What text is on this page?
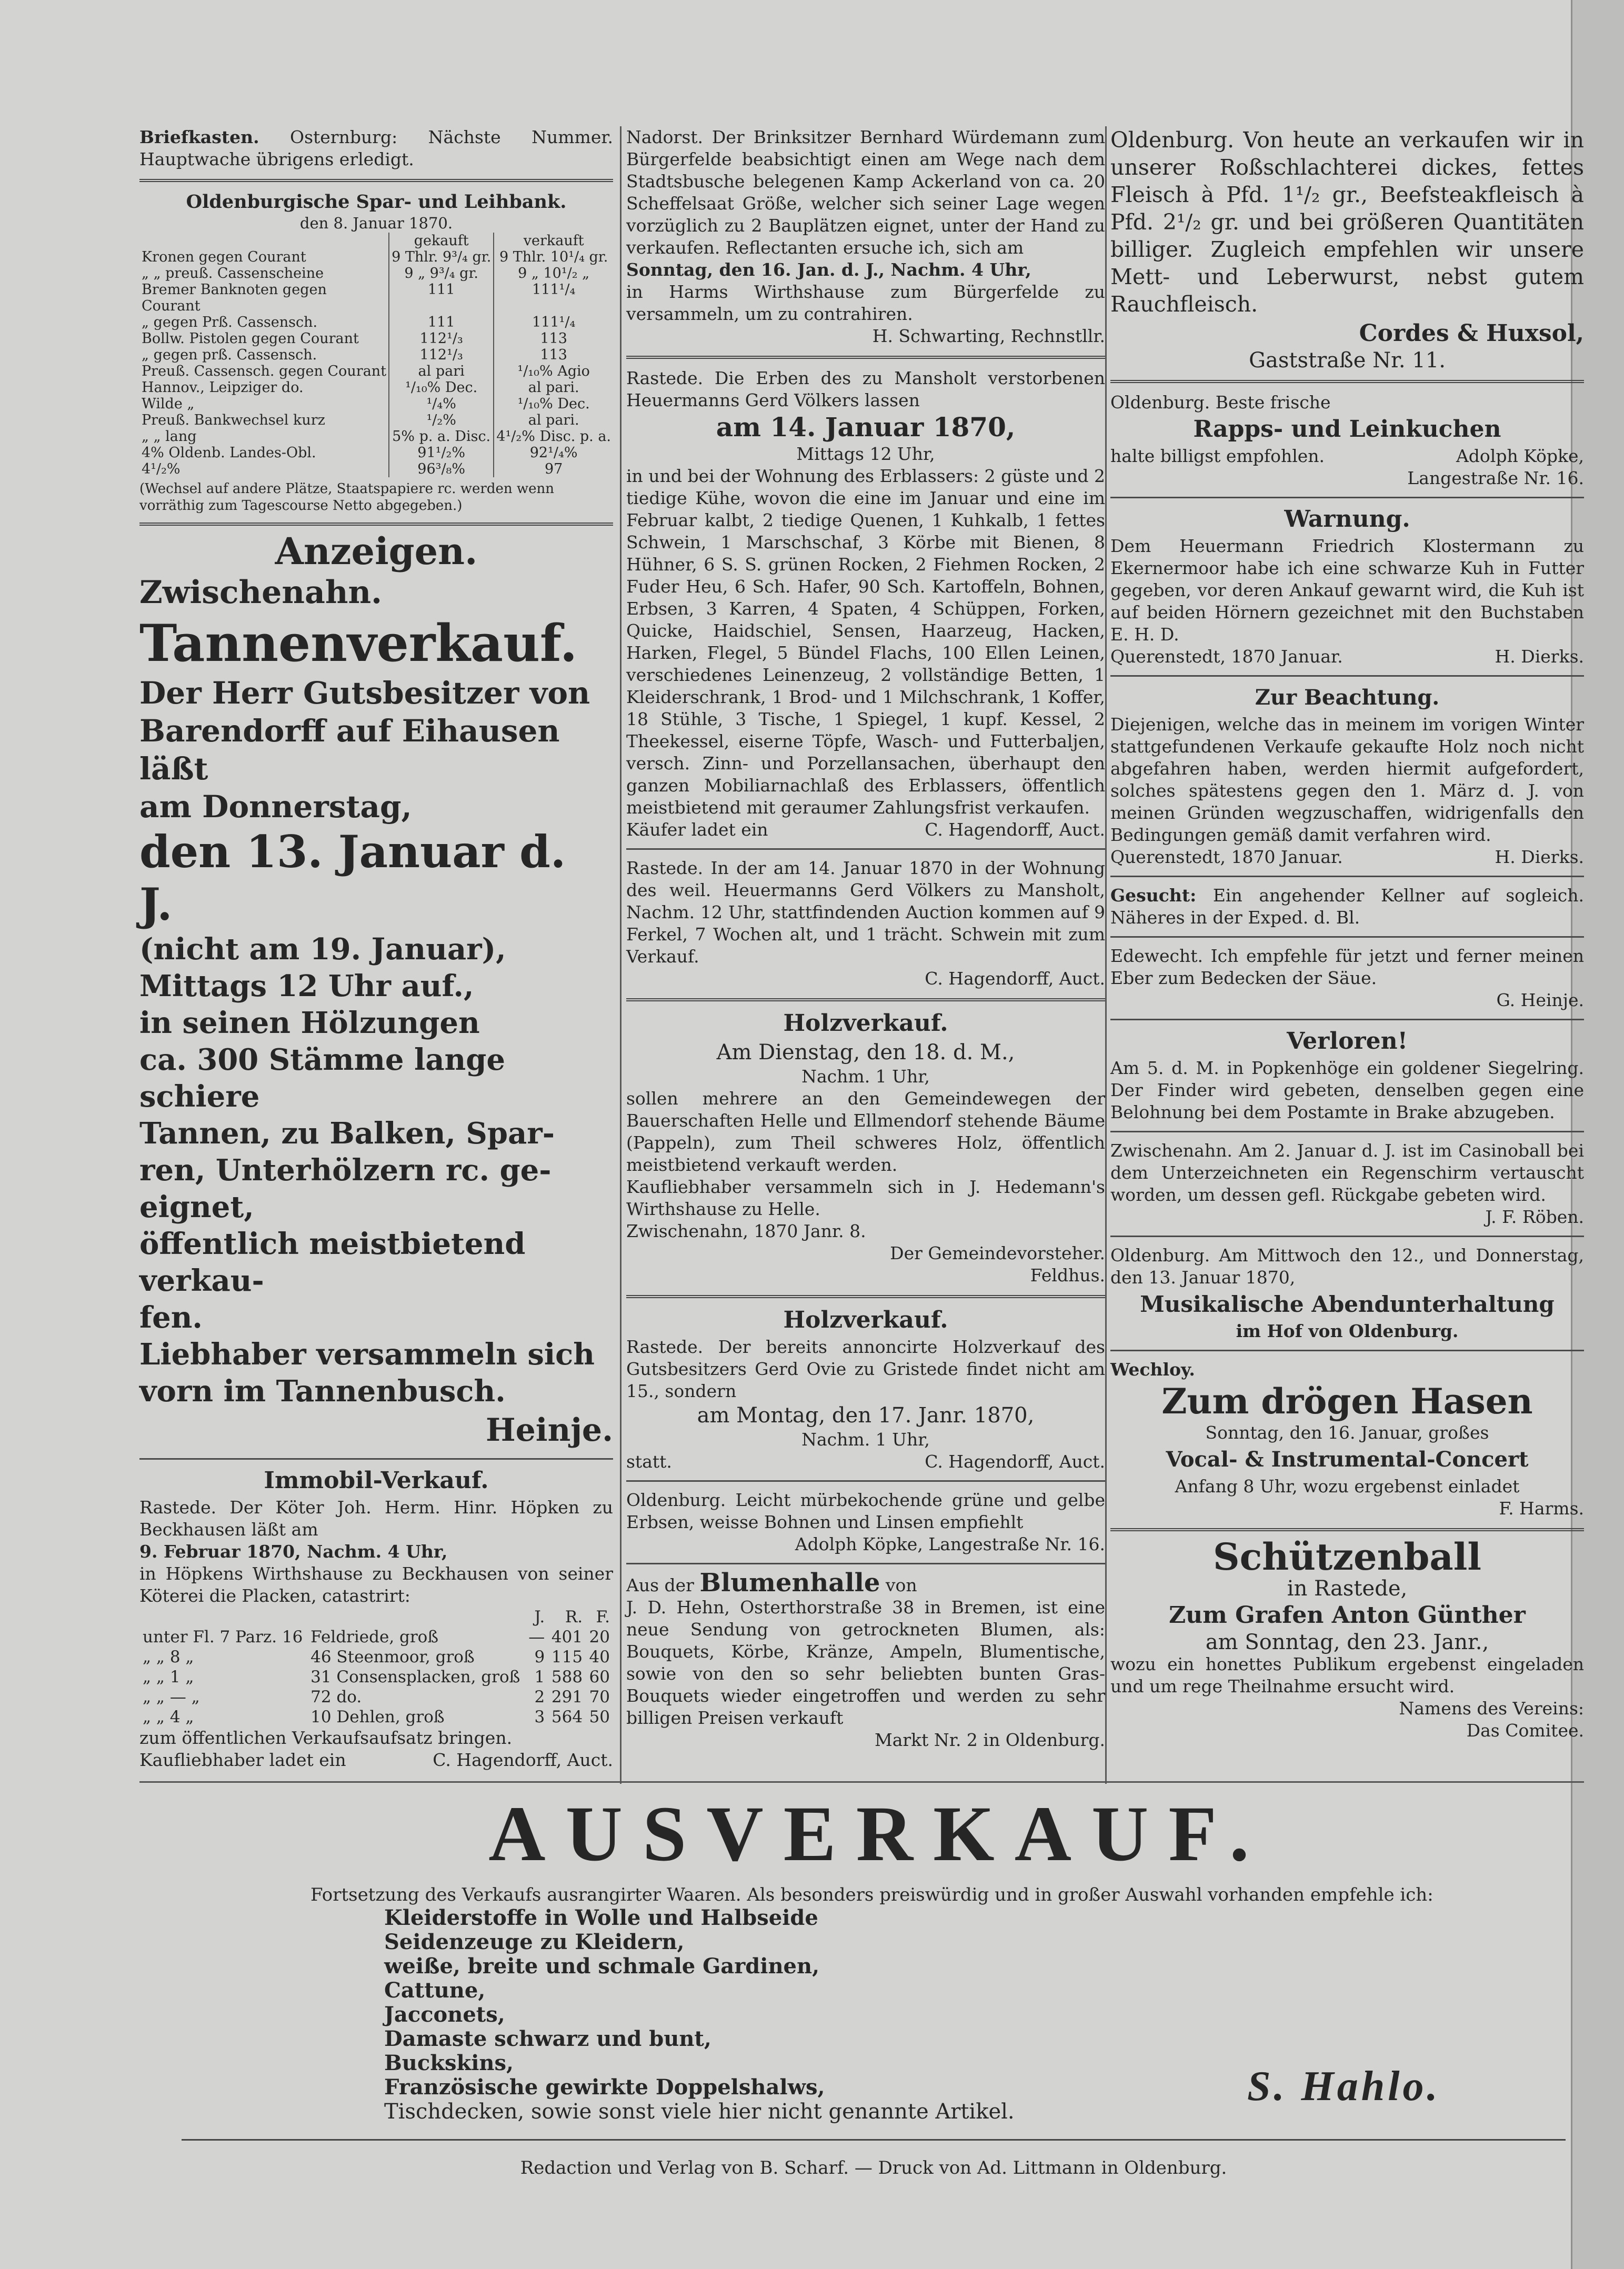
Briefkasten. Osternburg: Nächste Nummer. Hauptwache übrigens erledigt.

Oldenburgische Spar- und Leihbank.

den 8. Januar 1870.

	gekauft	verkauft
Kronen gegen Courant	9 Thlr. 9³/₄ gr.	9 Thlr. 10¹/₄ gr.
„ „ preuß. Cassenscheine	9 „ 9³/₄ gr.	9 „ 10¹/₂ „
Bremer Banknoten gegen Courant	111	111¹/₄
„ gegen Prß. Cassensch.	111	111¹/₄
Bollw. Pistolen gegen Courant	112¹/₃	113
„ gegen prß. Cassensch.	112¹/₃	113
Preuß. Cassensch. gegen Courant	al pari	¹/₁₀% Agio
Hannov., Leipziger do.	¹/₁₀% Dec.	al pari.
Wilde „	¹/₄%	¹/₁₀% Dec.
Preuß. Bankwechsel kurz	¹/₂%	al pari.
„ „ lang	5% p. a. Disc.	4¹/₂% Disc. p. a.
4% Oldenb. Landes-Obl.	91¹/₂%	92¹/₄%
4¹/₂%	96³/₈%	97

(Wechsel auf andere Plätze, Staatspapiere rc. werden wenn vorräthig zum Tagescourse Netto abgegeben.)

Anzeigen.

Zwischenahn.

Tannenverkauf.

Der Herr Gutsbesitzer von

Barendorff auf Eihausen läßt

am Donnerstag,

den 13. Januar d. J.

(nicht am 19. Januar),

Mittags 12 Uhr auf.,

in seinen Hölzungen

ca. 300 Stämme lange schiere

Tannen, zu Balken, Spar-

ren, Unterhölzern rc. ge-

eignet,

öffentlich meistbietend verkau-

fen.

Liebhaber versammeln sich

vorn im Tannenbusch.

Heinje.

Immobil-Verkauf.

Rastede. Der Köter Joh. Herm. Hinr. Höpken zu Beckhausen läßt am

9. Februar 1870, Nachm. 4 Uhr,

in Höpkens Wirthshause zu Beckhausen von seiner Köterei die Placken, catastrirt:

		J.	R.	F.
unter Fl. 7 Parz. 16	Feldriede, groß	—	401	20
„ „ 8 „	46 Steenmoor, groß	9	115	40
„ „ 1 „	31 Consensplacken, groß	1	588	60
„ „ — „	72 do.	2	291	70
„ „ 4 „	10 Dehlen, groß	3	564	50

zum öffentlichen Verkaufsaufsatz bringen.

Kaufliebhaber ladet ein	C. Hagendorff, Auct.

Nadorst. Der Brinksitzer Bernhard Würdemann zum Bürgerfelde beabsichtigt einen am Wege nach dem Stadtsbusche belegenen Kamp Ackerland von ca. 20 Scheffelsaat Größe, welcher sich seiner Lage wegen vorzüglich zu 2 Bauplätzen eignet, unter der Hand zu verkaufen. Reflectanten ersuche ich, sich am

Sonntag, den 16. Jan. d. J., Nachm. 4 Uhr,

in Harms Wirthshause zum Bürgerfelde zu versammeln, um zu contrahiren.

H. Schwarting, Rechnstllr.

Rastede. Die Erben des zu Mansholt verstorbenen Heuermanns Gerd Völkers lassen

am 14. Januar 1870,

Mittags 12 Uhr,

in und bei der Wohnung des Erblassers: 2 güste und 2 tiedige Kühe, wovon die eine im Januar und eine im Februar kalbt, 2 tiedige Quenen, 1 Kuhkalb, 1 fettes Schwein, 1 Marschschaf, 3 Körbe mit Bienen, 8 Hühner, 6 S. S. grünen Rocken, 2 Fiehmen Rocken, 2 Fuder Heu, 6 Sch. Hafer, 90 Sch. Kartoffeln, Bohnen, Erbsen, 3 Karren, 4 Spaten, 4 Schüppen, Forken, Quicke, Haidschiel, Sensen, Haarzeug, Hacken, Harken, Flegel, 5 Bündel Flachs, 100 Ellen Leinen, verschiedenes Leinenzeug, 2 vollständige Betten, 1 Kleiderschrank, 1 Brod- und 1 Milchschrank, 1 Koffer, 18 Stühle, 3 Tische, 1 Spiegel, 1 kupf. Kessel, 2 Theekessel, eiserne Töpfe, Wasch- und Futterbaljen, versch. Zinn- und Porzellansachen, überhaupt den ganzen Mobiliarnachlaß des Erblassers, öffentlich meistbietend mit geraumer Zahlungsfrist verkaufen.

Käufer ladet ein	C. Hagendorff, Auct.

Rastede. In der am 14. Januar 1870 in der Wohnung des weil. Heuermanns Gerd Völkers zu Mansholt, Nachm. 12 Uhr, stattfindenden Auction kommen auf 9 Ferkel, 7 Wochen alt, und 1 trächt. Schwein mit zum Verkauf.

C. Hagendorff, Auct.

Holzverkauf.

Am Dienstag, den 18. d. M.,

Nachm. 1 Uhr,

sollen mehrere an den Gemeindewegen der Bauerschaften Helle und Ellmendorf stehende Bäume (Pappeln), zum Theil schweres Holz, öffentlich meistbietend verkauft werden.

Kaufliebhaber versammeln sich in J. Hedemann's Wirthshause zu Helle.

Zwischenahn, 1870 Janr. 8.

Der Gemeindevorsteher.

Feldhus.

Holzverkauf.

Rastede. Der bereits annoncirte Holzverkauf des Gutsbesitzers Gerd Ovie zu Gristede findet nicht am 15., sondern

am Montag, den 17. Janr. 1870,

Nachm. 1 Uhr,

statt.	C. Hagendorff, Auct.

Oldenburg. Leicht mürbekochende grüne und gelbe Erbsen, weisse Bohnen und Linsen empfiehlt

Adolph Köpke, Langestraße Nr. 16.

Aus der Blumenhalle von

J. D. Hehn, Osterthorstraße 38 in Bremen, ist eine neue Sendung von getrockneten Blumen, als: Bouquets, Körbe, Kränze, Ampeln, Blumentische, sowie von den so sehr beliebten bunten Gras-Bouquets wieder eingetroffen und werden zu sehr billigen Preisen verkauft

Markt Nr. 2 in Oldenburg.

Oldenburg. Von heute an verkaufen wir in unserer Roßschlachterei dickes, fettes Fleisch à Pfd. 1¹/₂ gr., Beefsteakfleisch à Pfd. 2¹/₂ gr. und bei größeren Quantitäten billiger. Zugleich empfehlen wir unsere Mett- und Leberwurst, nebst gutem Rauchfleisch.

Cordes & Huxsol,

Gaststraße Nr. 11.

Oldenburg. Beste frische

Rapps- und Leinkuchen

halte billigst empfohlen.	Adolph Köpke,

Langestraße Nr. 16.

Warnung.

Dem Heuermann Friedrich Klostermann zu Ekernermoor habe ich eine schwarze Kuh in Futter gegeben, vor deren Ankauf gewarnt wird, die Kuh ist auf beiden Hörnern gezeichnet mit den Buchstaben E. H. D.

Querenstedt, 1870 Januar.	H. Dierks.

Zur Beachtung.

Diejenigen, welche das in meinem im vorigen Winter stattgefundenen Verkaufe gekaufte Holz noch nicht abgefahren haben, werden hiermit aufgefordert, solches spätestens gegen den 1. März d. J. von meinen Gründen wegzuschaffen, widrigenfalls den Bedingungen gemäß damit verfahren wird.

Querenstedt, 1870 Januar.	H. Dierks.

Gesucht: Ein angehender Kellner auf sogleich. Näheres in der Exped. d. Bl.

Edewecht. Ich empfehle für jetzt und ferner meinen Eber zum Bedecken der Säue.

G. Heinje.

Verloren!

Am 5. d. M. in Popkenhöge ein goldener Siegelring. Der Finder wird gebeten, denselben gegen eine Belohnung bei dem Postamte in Brake abzugeben.

Zwischenahn. Am 2. Januar d. J. ist im Casinoball bei dem Unterzeichneten ein Regenschirm vertauscht worden, um dessen gefl. Rückgabe gebeten wird.

J. F. Röben.

Oldenburg. Am Mittwoch den 12., und Donnerstag, den 13. Januar 1870,

Musikalische Abendunterhaltung

im Hof von Oldenburg.

Wechloy.

Zum drögen Hasen

Sonntag, den 16. Januar, großes

Vocal- & Instrumental-Concert

Anfang 8 Uhr, wozu ergebenst einladet

F. Harms.

Schützenball

in Rastede,

Zum Grafen Anton Günther

am Sonntag, den 23. Janr.,

wozu ein honettes Publikum ergebenst eingeladen und um rege Theilnahme ersucht wird.

Namens des Vereins:

Das Comitee.

AUSVERKAUF.

Fortsetzung des Verkaufs ausrangirter Waaren. Als besonders preiswürdig und in großer Auswahl vorhanden empfehle ich:

Kleiderstoffe in Wolle und Halbseide

Seidenzeuge zu Kleidern,

weiße, breite und schmale Gardinen,

Cattune,

Jacconets,

Damaste schwarz und bunt,

Buckskins,

Französische gewirkte Doppelshalws,

Tischdecken, sowie sonst viele hier nicht genannte Artikel.

S. Hahlo.
Redaction und Verlag von B. Scharf. — Druck von Ad. Littmann in Oldenburg.
